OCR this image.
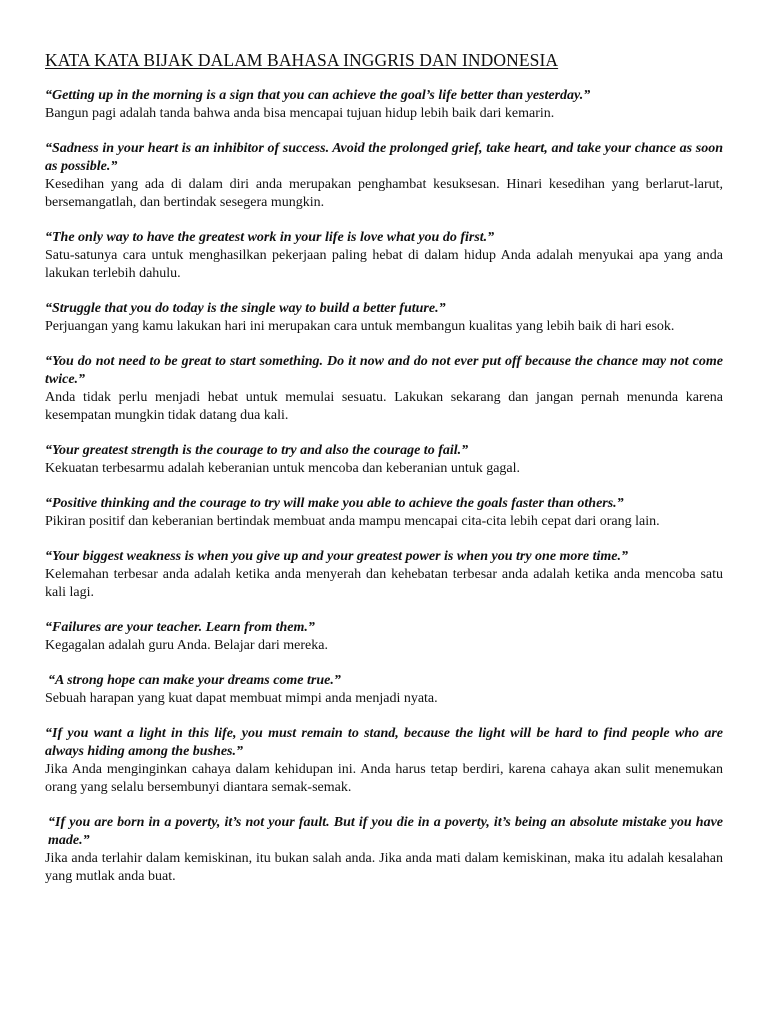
KATA KATA BIJAK DALAM BAHASA INGGRIS DAN INDONESIA

“Getting up in the morning is a sign that you can achieve the goal’s life better than yesterday.”

Bangun pagi adalah tanda bahwa anda bisa mencapai tujuan hidup lebih baik dari kemarin.

“Sadness in your heart is an inhibitor of success. Avoid the prolonged grief, take heart, and take your chance as soon as possible.”

Kesedihan yang ada di dalam diri anda merupakan penghambat kesuksesan. Hinari kesedihan yang berlarut-larut, bersemangatlah, dan bertindak sesegera mungkin.

“The only way to have the greatest work in your life is love what you do first.”

Satu-satunya cara untuk menghasilkan pekerjaan paling hebat di dalam hidup Anda adalah menyukai apa yang anda lakukan terlebih dahulu.

“Struggle that you do today is the single way to build a better future.”

Perjuangan yang kamu lakukan hari ini merupakan cara untuk membangun kualitas yang lebih baik di hari esok.

“You do not need to be great to start something. Do it now and do not ever put off because the chance may not come twice.”

Anda tidak perlu menjadi hebat untuk memulai sesuatu. Lakukan sekarang dan jangan pernah menunda karena kesempatan mungkin tidak datang dua kali.

“Your greatest strength is the courage to try and also the courage to fail.”

Kekuatan terbesarmu adalah keberanian untuk mencoba dan keberanian untuk gagal.

“Positive thinking and the courage to try will make you able to achieve the goals faster than others.”

Pikiran positif dan keberanian bertindak membuat anda mampu mencapai cita-cita lebih cepat dari orang lain.

“Your biggest weakness is when you give up and your greatest power is when you try one more time.”

Kelemahan terbesar anda adalah ketika anda menyerah dan kehebatan terbesar anda adalah ketika anda mencoba satu kali lagi.

“Failures are your teacher. Learn from them.”

Kegagalan adalah guru Anda. Belajar dari mereka.

“A strong hope can make your dreams come true.”

Sebuah harapan yang kuat dapat membuat mimpi anda menjadi nyata.

“If you want a light in this life, you must remain to stand, because the light will be hard to find people who are always hiding among the bushes.”

Jika Anda menginginkan cahaya dalam kehidupan ini. Anda harus tetap berdiri, karena cahaya akan sulit menemukan orang yang selalu bersembunyi diantara semak-semak.

“If you are born in a poverty, it’s not your fault. But if you die in a poverty, it’s being an absolute mistake you have made.”

Jika anda terlahir dalam kemiskinan, itu bukan salah anda. Jika anda mati dalam kemiskinan, maka itu adalah kesalahan yang mutlak anda buat.
